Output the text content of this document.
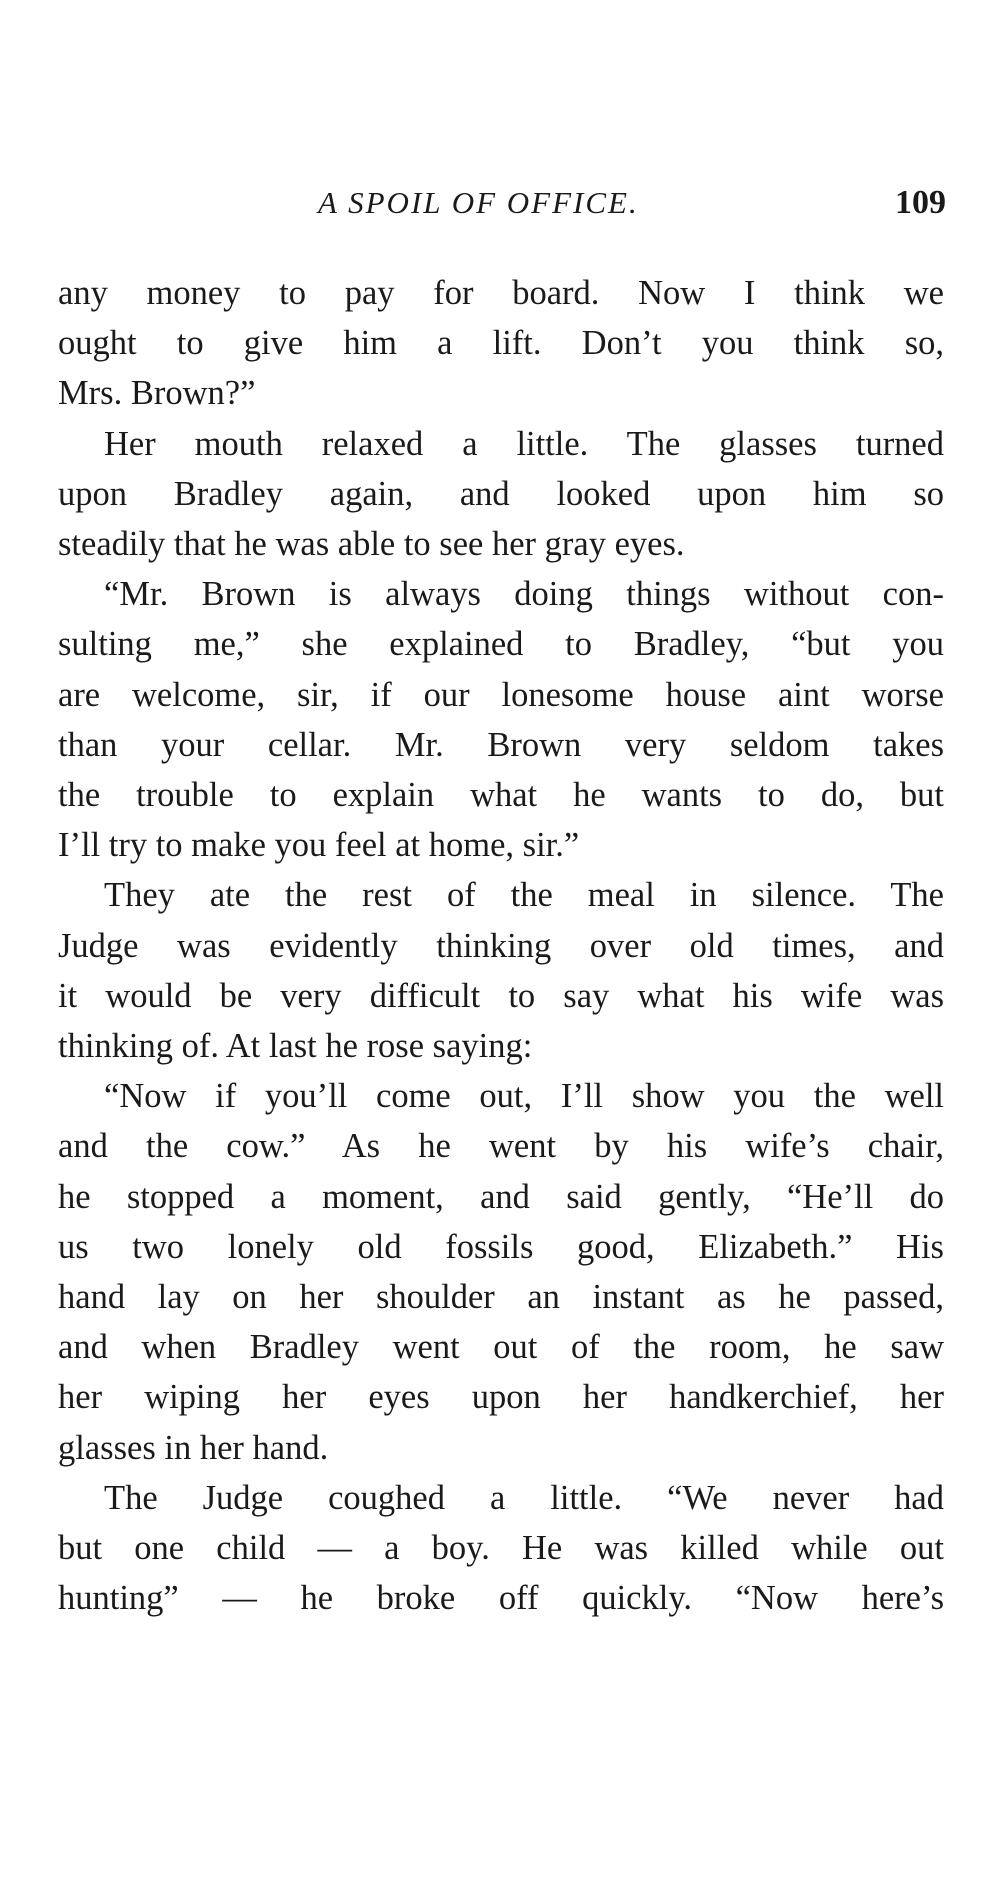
A SPOIL OF OFFICE.	109

any money to pay for board. Now I think we
ought to give him a lift. Don’t you think so,
Mrs. Brown?”

Her mouth relaxed a little. The glasses turned
upon Bradley again, and looked upon him so
steadily that he was able to see her gray eyes.

“Mr. Brown is always doing things without con-
sulting me,” she explained to Bradley, “but you
are welcome, sir, if our lonesome house aint worse
than your cellar. Mr. Brown very seldom takes
the trouble to explain what he wants to do, but
I’ll try to make you feel at home, sir.”

They ate the rest of the meal in silence. The
Judge was evidently thinking over old times, and
it would be very difficult to say what his wife was
thinking of. At last he rose saying:

“Now if you’ll come out, I’ll show you the well
and the cow.” As he went by his wife’s chair,
he stopped a moment, and said gently, “He’ll do
us two lonely old fossils good, Elizabeth.” His
hand lay on her shoulder an instant as he passed,
and when Bradley went out of the room, he saw
her wiping her eyes upon her handkerchief, her
glasses in her hand.

The Judge coughed a little. “We never had
but one child — a boy. He was killed while out
hunting” — he broke off quickly. “Now here’s
